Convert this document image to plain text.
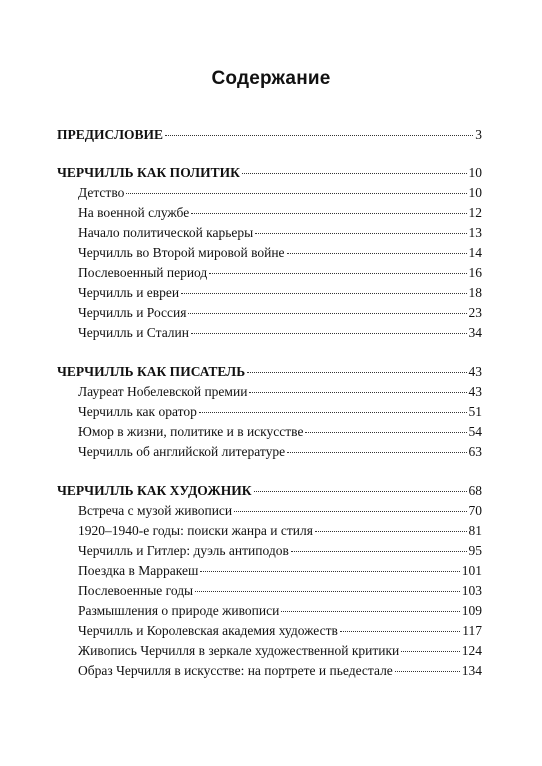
Содержание
ПРЕДИСЛОВИЕ	3
ЧЕРЧИЛЛЬ КАК ПОЛИТИК	10
Детство	10
На военной службе	12
Начало политической карьеры	13
Черчилль во Второй мировой войне	14
Послевоенный период	16
Черчилль и евреи	18
Черчилль и Россия	23
Черчилль и Сталин	34
ЧЕРЧИЛЛЬ КАК ПИСАТЕЛЬ	43
Лауреат Нобелевской премии	43
Черчилль как оратор	51
Юмор в жизни, политике и в искусстве	54
Черчилль об английской литературе	63
ЧЕРЧИЛЛЬ КАК ХУДОЖНИК	68
Встреча с музой живописи	70
1920–1940-е годы: поиски жанра и стиля	81
Черчилль и Гитлер: дуэль антиподов	95
Поездка в Марракеш	101
Послевоенные годы	103
Размышления о природе живописи	109
Черчилль и Королевская академия художеств	117
Живопись Черчилля в зеркале художественной критики	124
Образ Черчилля в искусстве: на портрете и пьедестале	134
